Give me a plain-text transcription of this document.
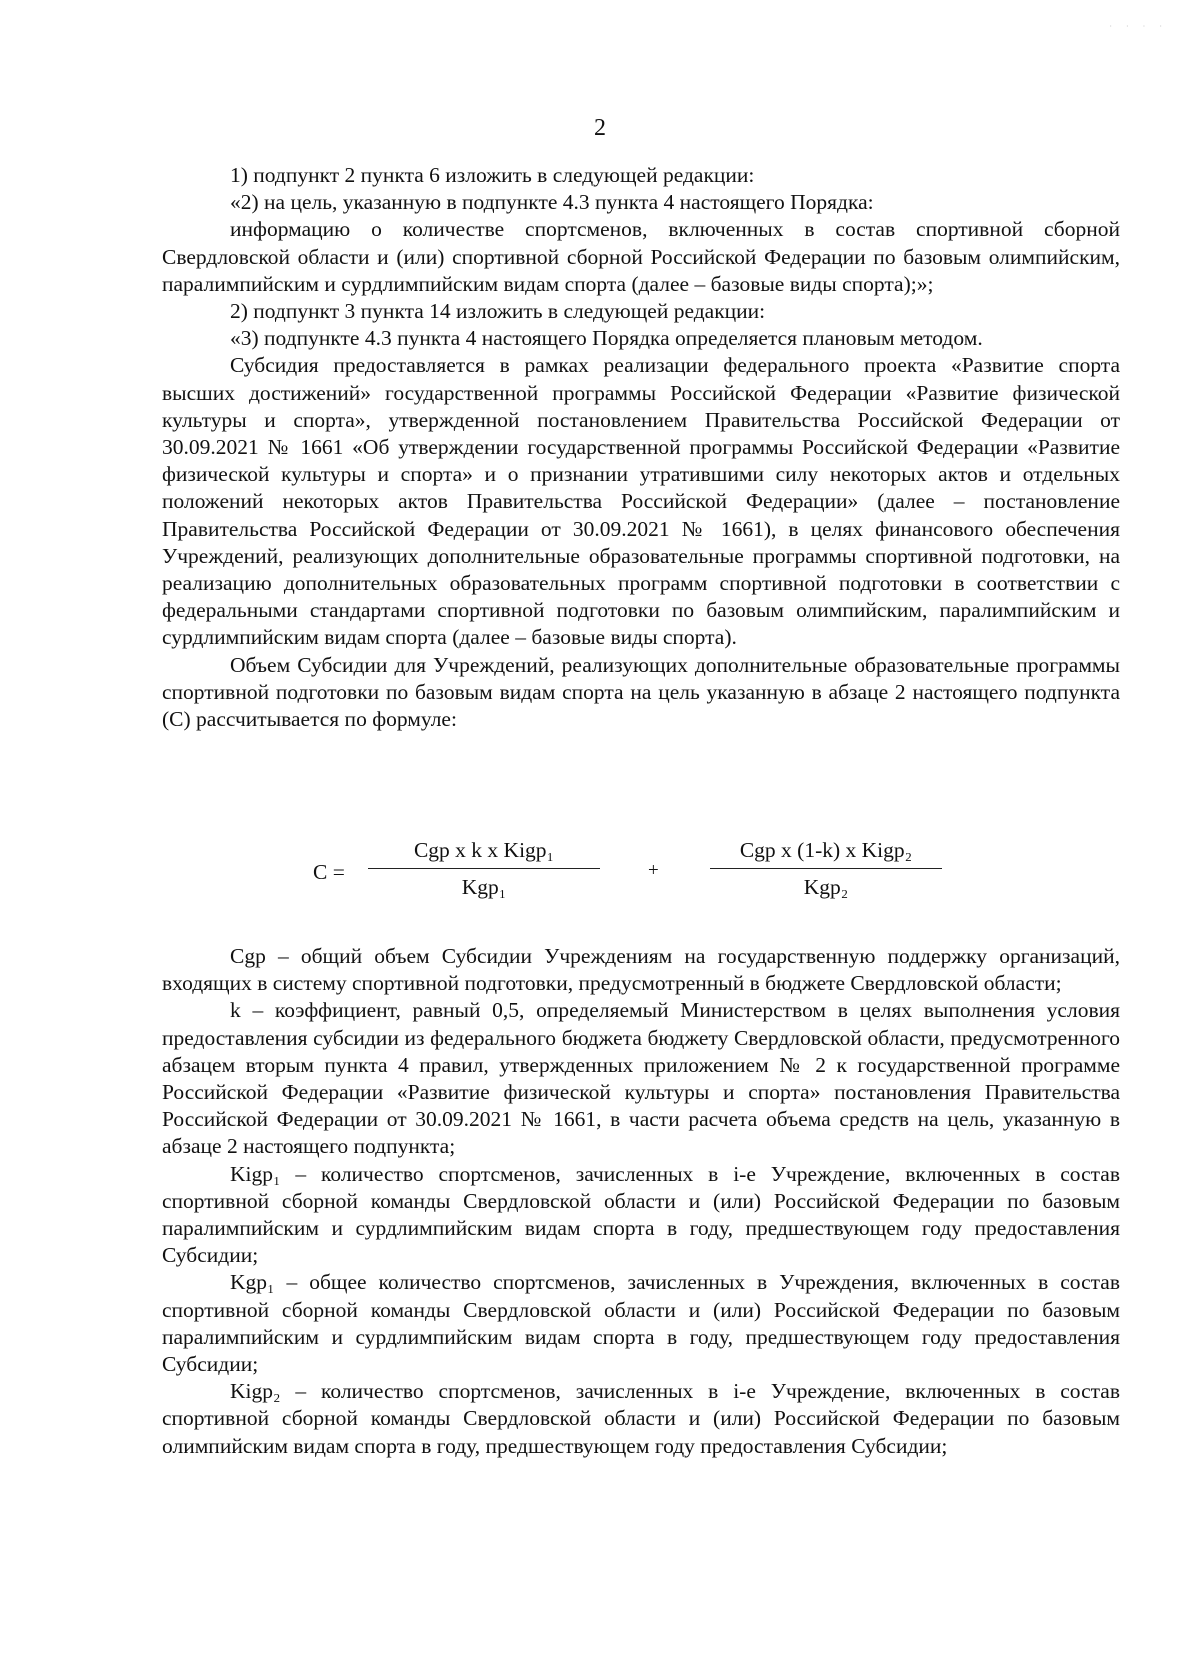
· · · ·
2

1) подпункт 2 пункта 6 изложить в следующей редакции:

«2) на цель, указанную в подпункте 4.3 пункта 4 настоящего Порядка:

информацию о количестве спортсменов, включенных в состав спортивной сборной Свердловской области и (или) спортивной сборной Российской Федерации по базовым олимпийским, паралимпийским и сурдлимпийским видам спорта (далее – базовые виды спорта);»;

2) подпункт 3 пункта 14 изложить в следующей редакции:

«3) подпункте 4.3 пункта 4 настоящего Порядка определяется плановым методом.

Субсидия предоставляется в рамках реализации федерального проекта «Развитие спорта высших достижений» государственной программы Российской Федерации «Развитие физической культуры и спорта», утвержденной постановлением Правительства Российской Федерации от 30.09.2021 № 1661 «Об утверждении государственной программы Российской Федерации «Развитие физической культуры и спорта» и о признании утратившими силу некоторых актов и отдельных положений некоторых актов Правительства Российской Федерации» (далее – постановление Правительства Российской Федерации от 30.09.2021 № 1661), в целях финансового обеспечения Учреждений, реализующих дополнительные образовательные программы спортивной подготовки, на реализацию дополнительных образовательных программ спортивной подготовки в соответствии с федеральными стандартами спортивной подготовки по базовым олимпийским, паралимпийским и сурдлимпийским видам спорта (далее – базовые виды спорта).

Объем Субсидии для Учреждений, реализующих дополнительные образовательные программы спортивной подготовки по базовым видам спорта на цель указанную в абзаце 2 настоящего подпункта (С) рассчитывается по формуле:

С =
Cgp x k x Kigp₁
Kgp₁
+
Cgp x (1-k) x Kigp₂
Kgp₂

Cgp – общий объем Субсидии Учреждениям на государственную поддержку организаций, входящих в систему спортивной подготовки, предусмотренный в бюджете Свердловской области;

k – коэффициент, равный 0,5, определяемый Министерством в целях выполнения условия предоставления субсидии из федерального бюджета бюджету Свердловской области, предусмотренного абзацем вторым пункта 4 правил, утвержденных приложением № 2 к государственной программе Российской Федерации «Развитие физической культуры и спорта» постановления Правительства Российской Федерации от 30.09.2021 № 1661, в части расчета объема средств на цель, указанную в абзаце 2 настоящего подпункта;

Kigp₁ – количество спортсменов, зачисленных в i-е Учреждение, включенных в состав спортивной сборной команды Свердловской области и (или) Российской Федерации по базовым паралимпийским и сурдлимпийским видам спорта в году, предшествующем году предоставления Субсидии;

Kgp₁ – общее количество спортсменов, зачисленных в Учреждения, включенных в состав спортивной сборной команды Свердловской области и (или) Российской Федерации по базовым паралимпийским и сурдлимпийским видам спорта в году, предшествующем году предоставления Субсидии;

Kigp₂ – количество спортсменов, зачисленных в i-е Учреждение, включенных в состав спортивной сборной команды Свердловской области и (или) Российской Федерации по базовым олимпийским видам спорта в году, предшествующем году предоставления Субсидии;
